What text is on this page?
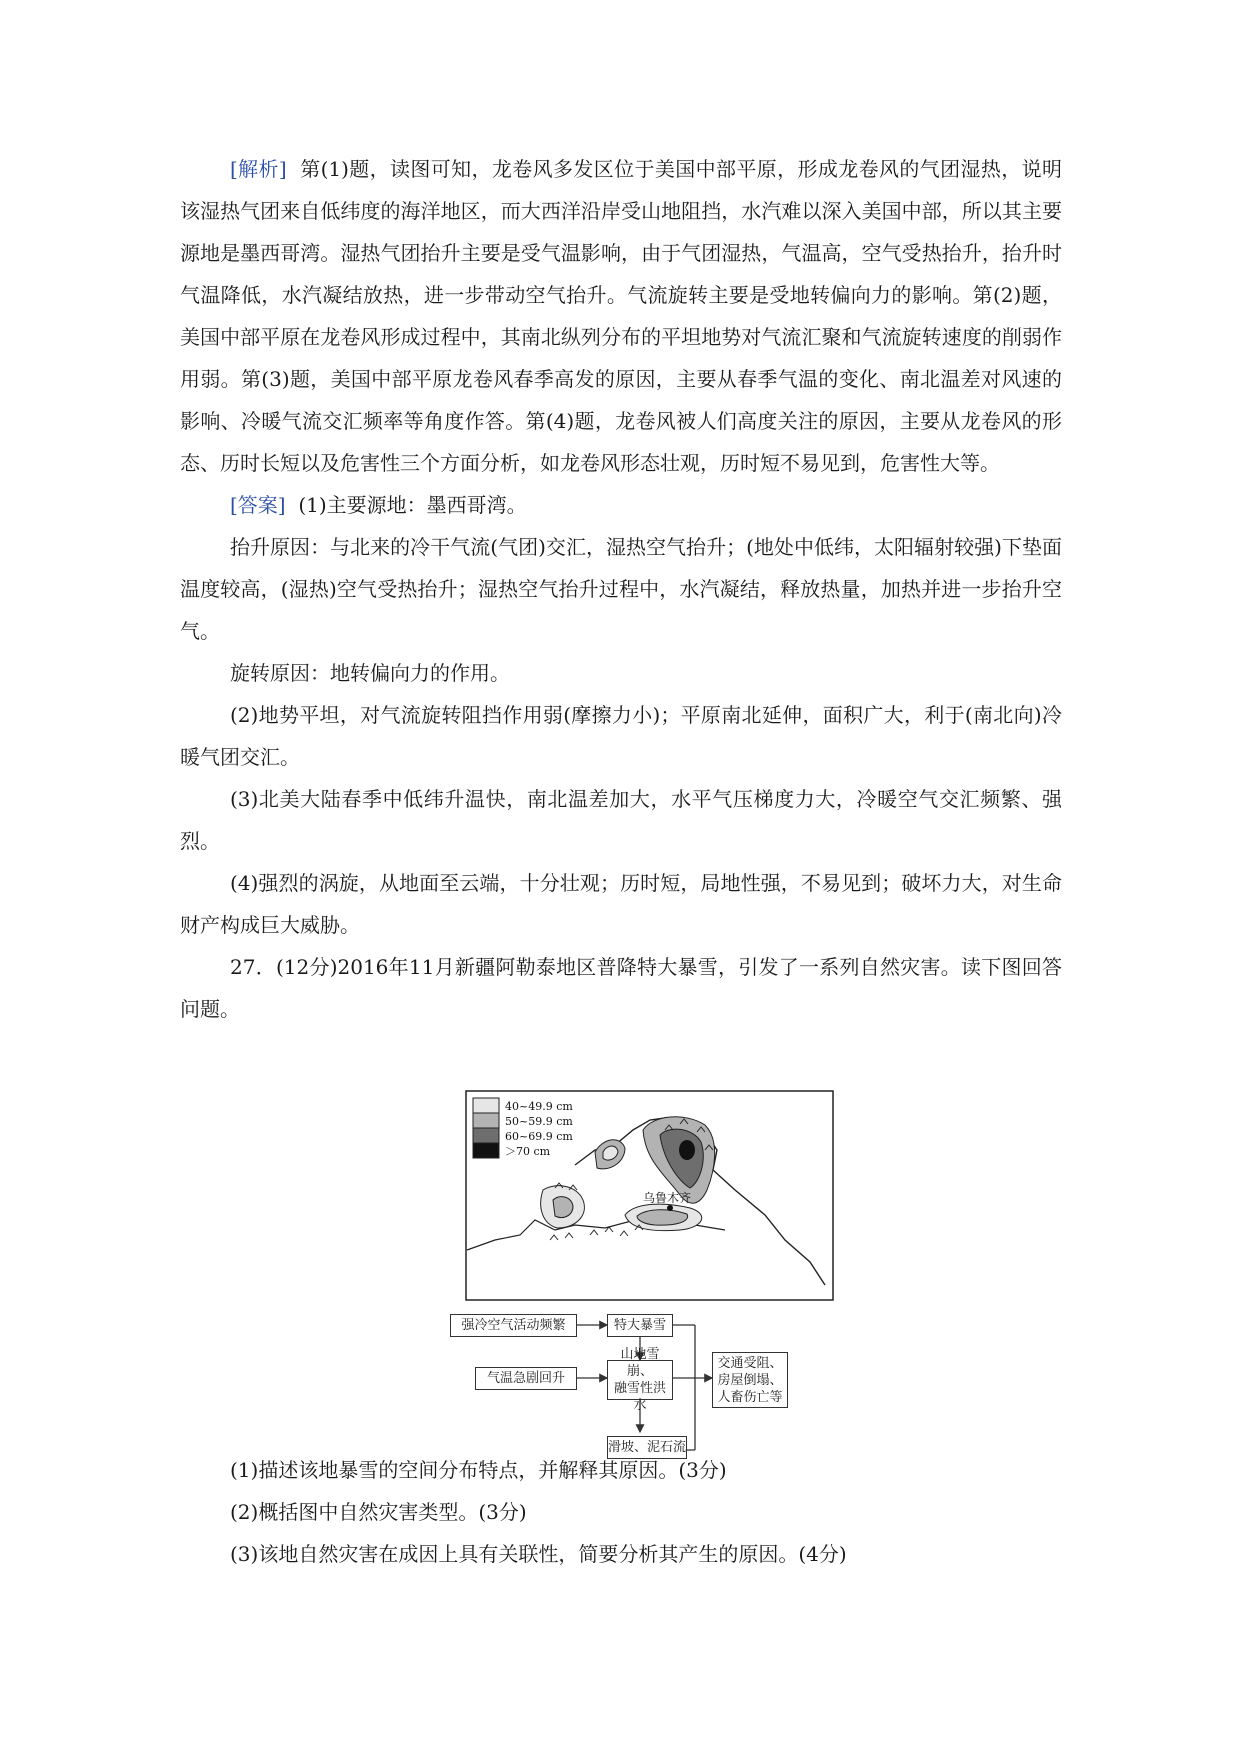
[解析] 第(1)题，读图可知，龙卷风多发区位于美国中部平原，形成龙卷风的气团湿热，说明该湿热气团来自低纬度的海洋地区，而大西洋沿岸受山地阻挡，水汽难以深入美国中部，所以其主要源地是墨西哥湾。湿热气团抬升主要是受气温影响，由于气团湿热，气温高，空气受热抬升，抬升时气温降低，水汽凝结放热，进一步带动空气抬升。气流旋转主要是受地转偏向力的影响。第(2)题，美国中部平原在龙卷风形成过程中，其南北纵列分布的平坦地势对气流汇聚和气流旋转速度的削弱作用弱。第(3)题，美国中部平原龙卷风春季高发的原因，主要从春季气温的变化、南北温差对风速的影响、冷暖气流交汇频率等角度作答。第(4)题，龙卷风被人们高度关注的原因，主要从龙卷风的形态、历时长短以及危害性三个方面分析，如龙卷风形态壮观，历时短不易见到，危害性大等。

[答案] (1)主要源地：墨西哥湾。

抬升原因：与北来的冷干气流(气团)交汇，湿热空气抬升；(地处中低纬，太阳辐射较强)下垫面温度较高，(湿热)空气受热抬升；湿热空气抬升过程中，水汽凝结，释放热量，加热并进一步抬升空气。

旋转原因：地转偏向力的作用。

(2)地势平坦，对气流旋转阻挡作用弱(摩擦力小)；平原南北延伸，面积广大，利于(南北向)冷暖气团交汇。

(3)北美大陆春季中低纬升温快，南北温差加大，水平气压梯度力大，冷暖空气交汇频繁、强烈。

(4)强烈的涡旋，从地面至云端，十分壮观；历时短，局地性强，不易见到；破坏力大，对生命财产构成巨大威胁。

27．(12分)2016年11月新疆阿勒泰地区普降特大暴雪，引发了一系列自然灾害。读下图回答问题。

40~49.9 cm
50~59.9 cm
60~69.9 cm
＞70 cm
乌鲁木齐
强冷空气活动频繁	特大暴雪
气温急剧回升
山地雪崩、
融雪性洪水
滑坡、泥石流
交通受阻、
房屋倒塌、
人畜伤亡等

(1)描述该地暴雪的空间分布特点，并解释其原因。(3分)

(2)概括图中自然灾害类型。(3分)

(3)该地自然灾害在成因上具有关联性，简要分析其产生的原因。(4分)
